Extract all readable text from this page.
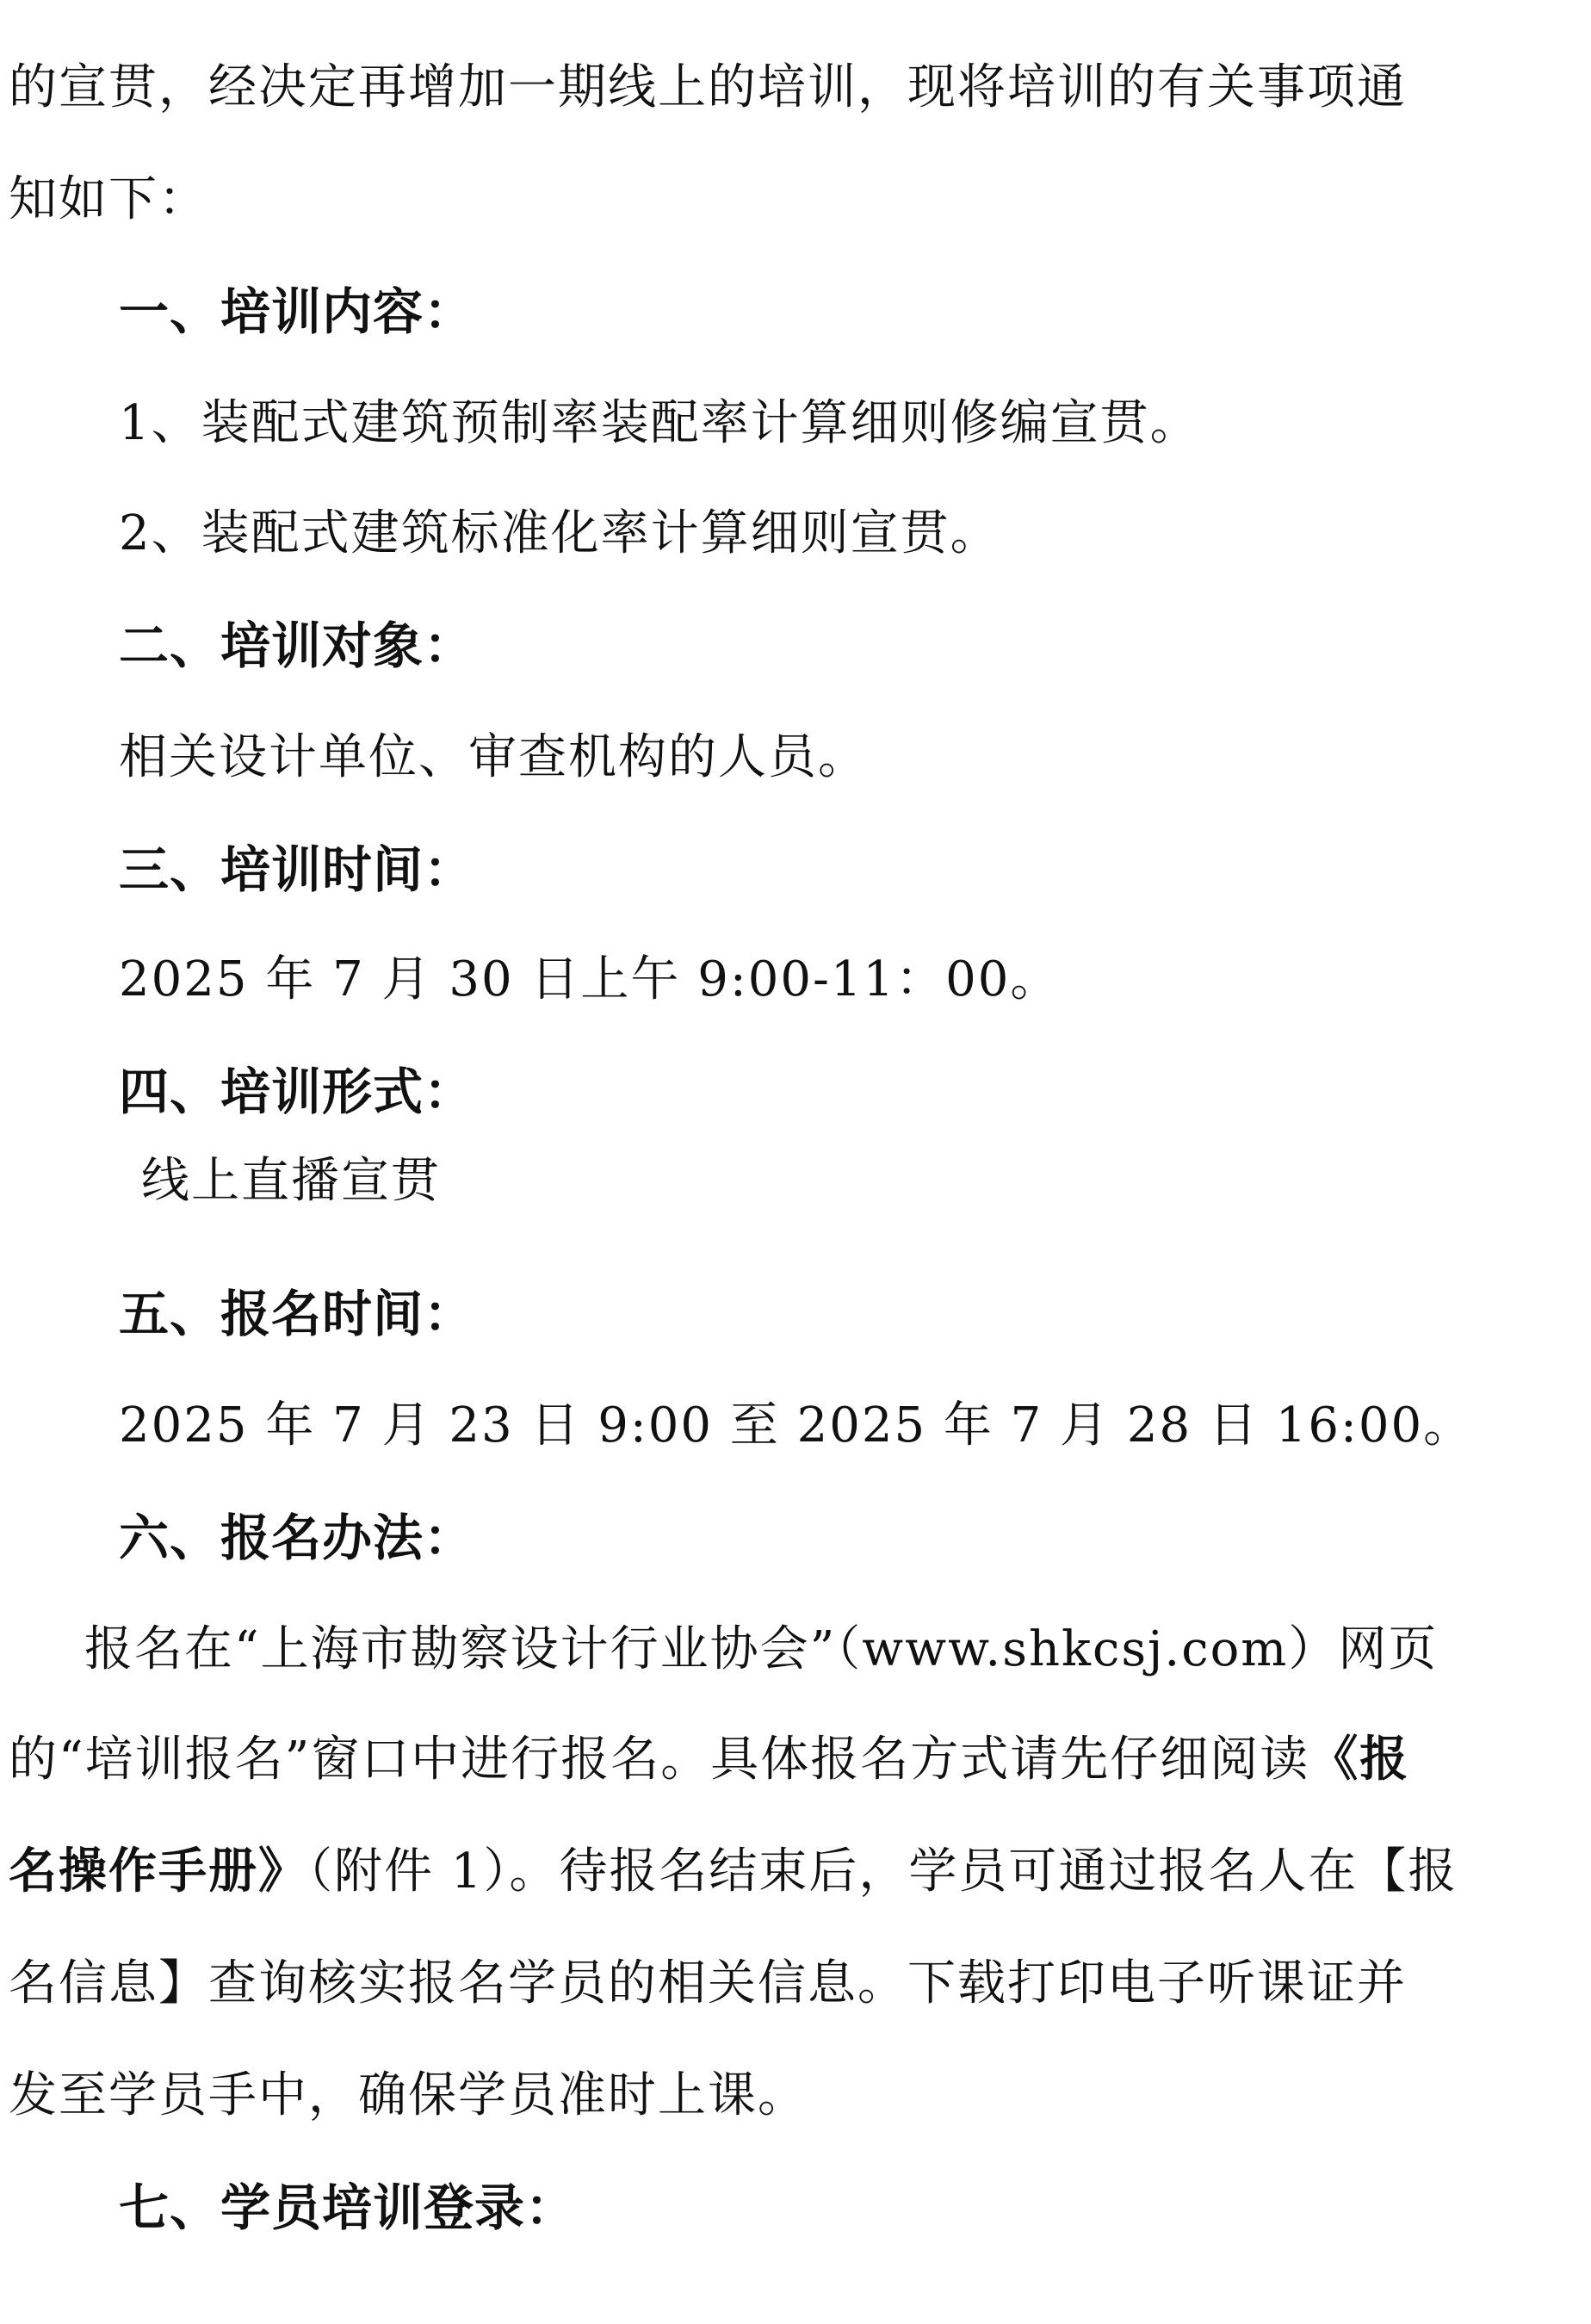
的宣贯，经决定再增加一期线上的培训，现将培训的有关事项通

知如下：

一、培训内容：

1、装配式建筑预制率装配率计算细则修编宣贯。

2、装配式建筑标准化率计算细则宣贯。

二、培训对象：

相关设计单位、审查机构的人员。

三、培训时间：

2025 年 7 月 30 日上午 9:00-11：00。

四、培训形式：

线上直播宣贯

五、报名时间：

2025 年 7 月 23 日 9:00 至 2025 年 7 月 28 日 16:00。

六、报名办法：

报名在“上海市勘察设计行业协会”（www.shkcsj.com）网页

的“培训报名”窗口中进行报名。具体报名方式请先仔细阅读《报

名操作手册》（附件 1）。待报名结束后，学员可通过报名人在【报

名信息】查询核实报名学员的相关信息。下载打印电子听课证并

发至学员手中，确保学员准时上课。

七、学员培训登录：
